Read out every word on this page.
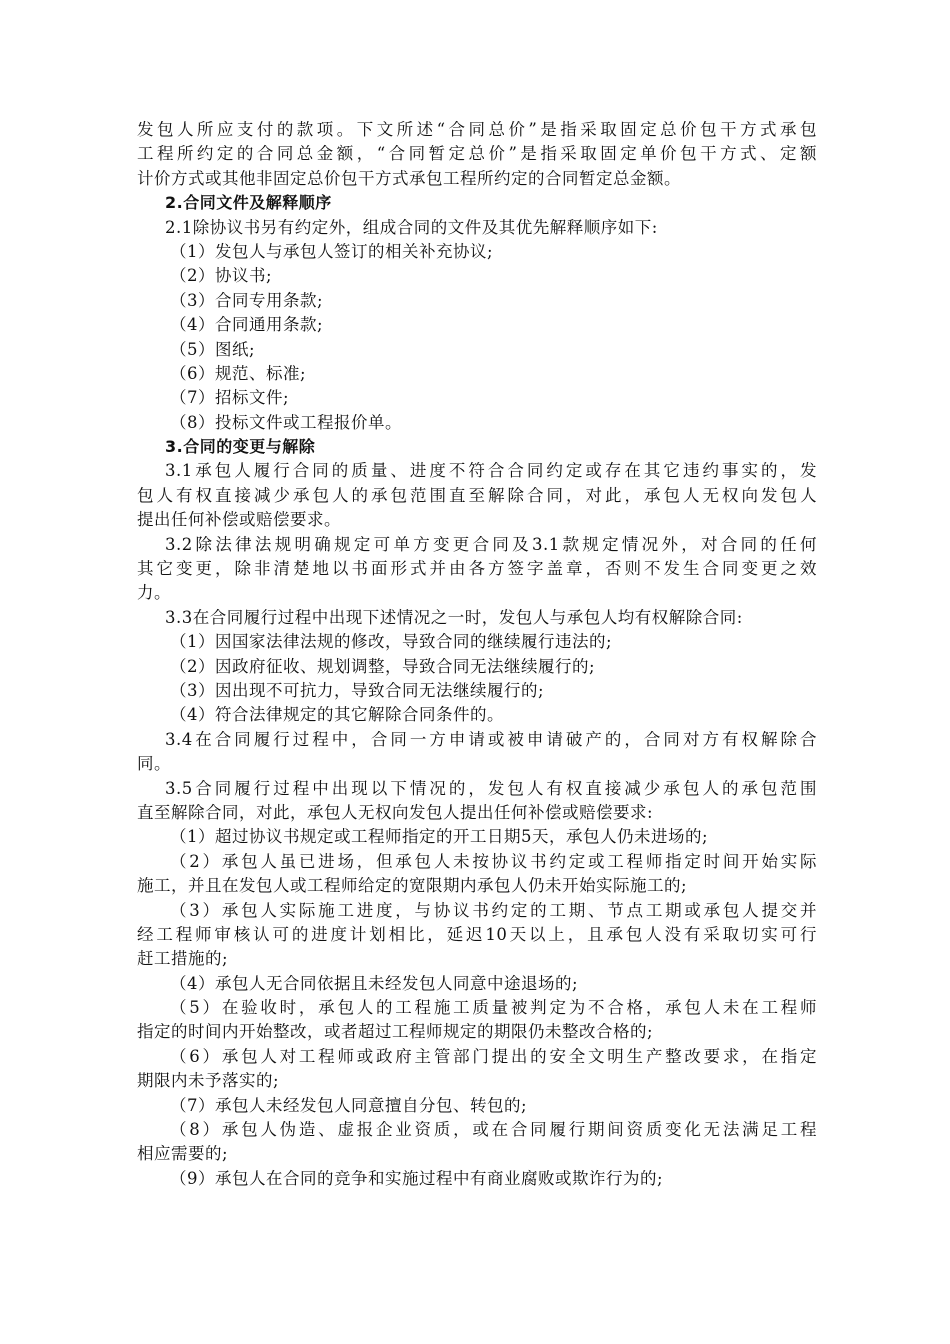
发包人所应支付的款项。下文所述“合同总价”是指采取固定总价包干方式承包
工程所约定的合同总金额，“合同暂定总价”是指采取固定单价包干方式、定额
计价方式或其他非固定总价包干方式承包工程所约定的合同暂定总金额。
2.合同文件及解释顺序
2.1除协议书另有约定外，组成合同的文件及其优先解释顺序如下:
（1）发包人与承包人签订的相关补充协议;
（2）协议书;
（3）合同专用条款;
（4）合同通用条款;
（5）图纸;
（6）规范、标准;
（7）招标文件;
（8）投标文件或工程报价单。
3.合同的变更与解除
3.1承包人履行合同的质量、进度不符合合同约定或存在其它违约事实的，发
包人有权直接减少承包人的承包范围直至解除合同，对此，承包人无权向发包人
提出任何补偿或赔偿要求。
3.2除法律法规明确规定可单方变更合同及3.1款规定情况外，对合同的任何
其它变更，除非清楚地以书面形式并由各方签字盖章，否则不发生合同变更之效
力。
3.3在合同履行过程中出现下述情况之一时，发包人与承包人均有权解除合同:
（1）因国家法律法规的修改，导致合同的继续履行违法的;
（2）因政府征收、规划调整，导致合同无法继续履行的;
（3）因出现不可抗力，导致合同无法继续履行的;
（4）符合法律规定的其它解除合同条件的。
3.4在合同履行过程中，合同一方申请或被申请破产的，合同对方有权解除合
同。
3.5合同履行过程中出现以下情况的，发包人有权直接减少承包人的承包范围
直至解除合同，对此，承包人无权向发包人提出任何补偿或赔偿要求:
（1）超过协议书规定或工程师指定的开工日期5天，承包人仍未进场的;
（2）承包人虽已进场，但承包人未按协议书约定或工程师指定时间开始实际
施工，并且在发包人或工程师给定的宽限期内承包人仍未开始实际施工的;
（3）承包人实际施工进度，与协议书约定的工期、节点工期或承包人提交并
经工程师审核认可的进度计划相比，延迟10天以上，且承包人没有采取切实可行
赶工措施的;
（4）承包人无合同依据且未经发包人同意中途退场的;
（5）在验收时，承包人的工程施工质量被判定为不合格，承包人未在工程师
指定的时间内开始整改，或者超过工程师规定的期限仍未整改合格的;
（6）承包人对工程师或政府主管部门提出的安全文明生产整改要求，在指定
期限内未予落实的;
（7）承包人未经发包人同意擅自分包、转包的;
（8）承包人伪造、虚报企业资质，或在合同履行期间资质变化无法满足工程
相应需要的;
（9）承包人在合同的竞争和实施过程中有商业腐败或欺诈行为的;
